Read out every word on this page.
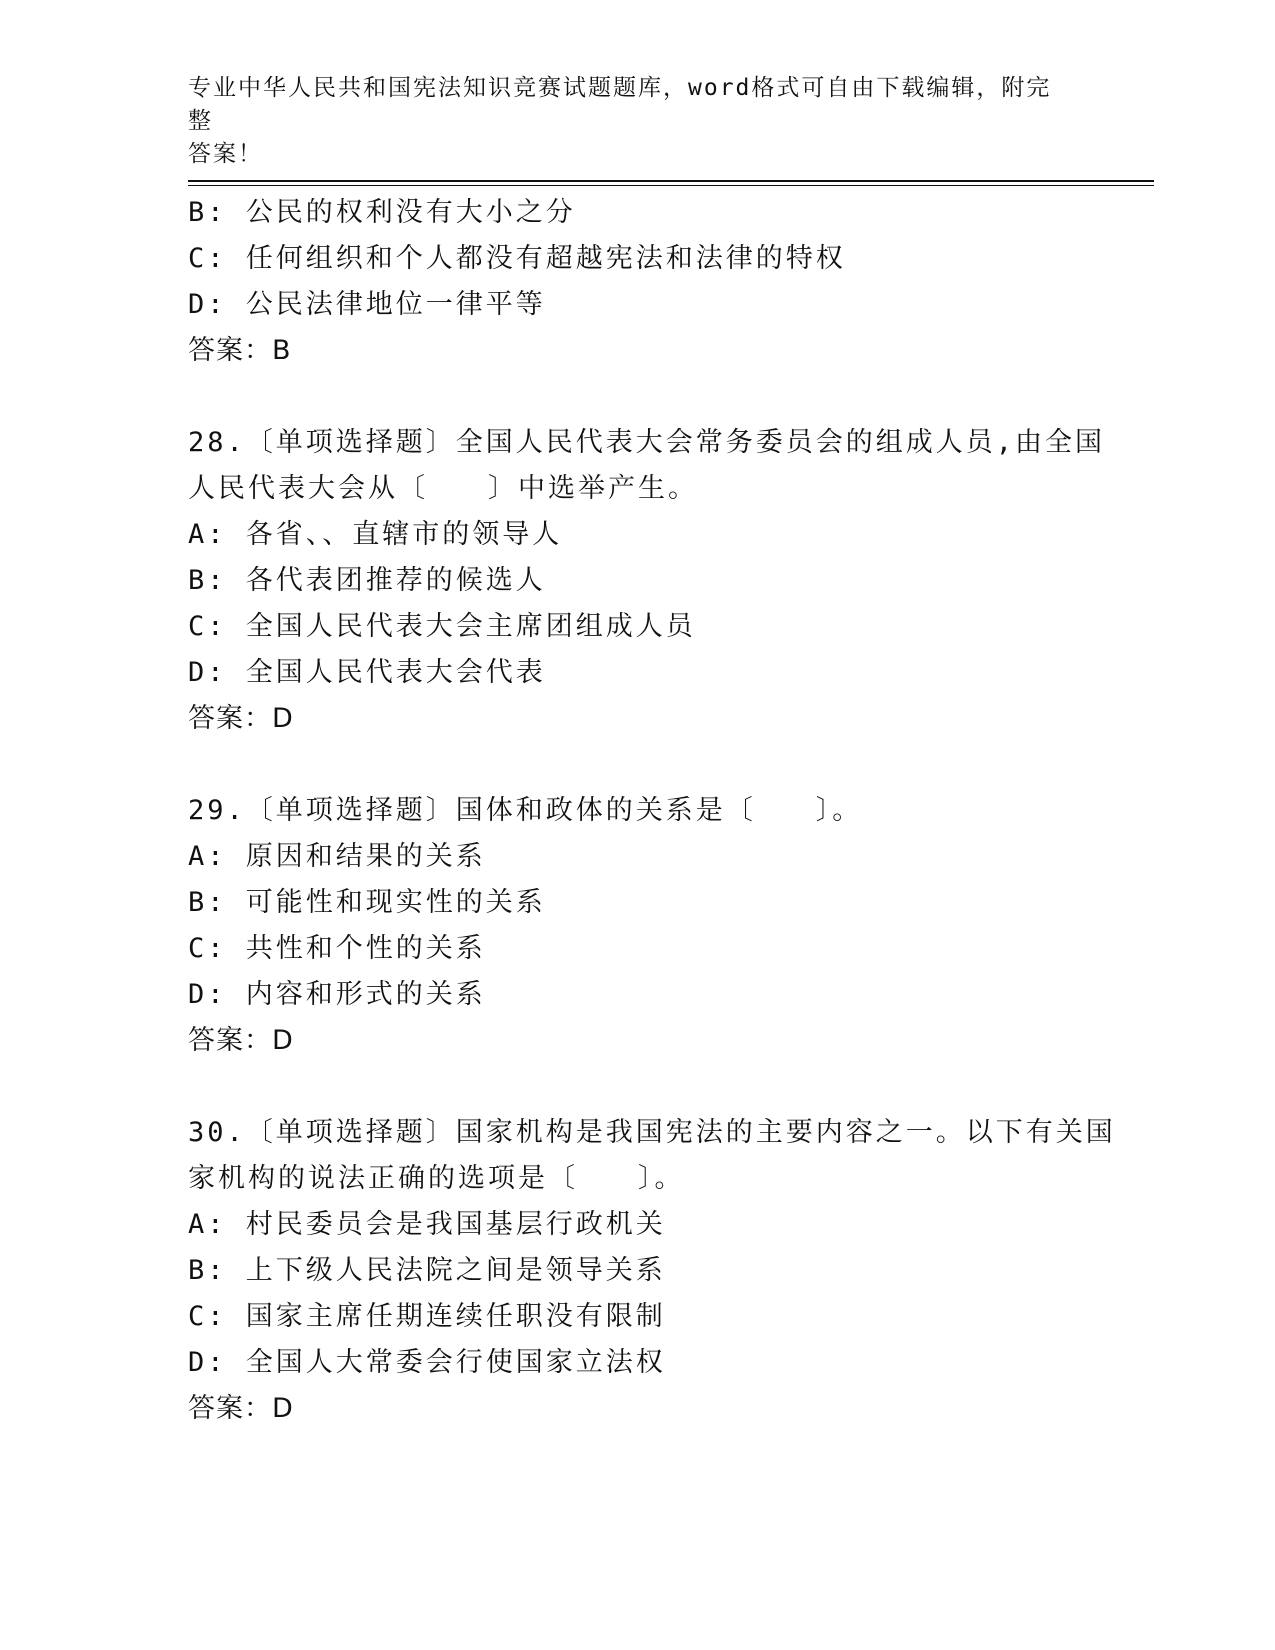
专业中华人民共和国宪法知识竞赛试题题库，word格式可自由下载编辑，附完整
答案！
B: 公民的权利没有大小之分
C: 任何组织和个人都没有超越宪法和法律的特权
D: 公民法律地位一律平等
答案：B
28.〔单项选择题〕全国人民代表大会常务委员会的组成人员,由全国
人民代表大会从〔　　〕中选举产生。
A: 各省、、直辖市的领导人
B: 各代表团推荐的候选人
C: 全国人民代表大会主席团组成人员
D: 全国人民代表大会代表
答案：D
29.〔单项选择题〕国体和政体的关系是〔　　〕。
A: 原因和结果的关系
B: 可能性和现实性的关系
C: 共性和个性的关系
D: 内容和形式的关系
答案：D
30.〔单项选择题〕国家机构是我国宪法的主要内容之一。以下有关国
家机构的说法正确的选项是〔　　〕。
A: 村民委员会是我国基层行政机关
B: 上下级人民法院之间是领导关系
C: 国家主席任期连续任职没有限制
D: 全国人大常委会行使国家立法权
答案：D
